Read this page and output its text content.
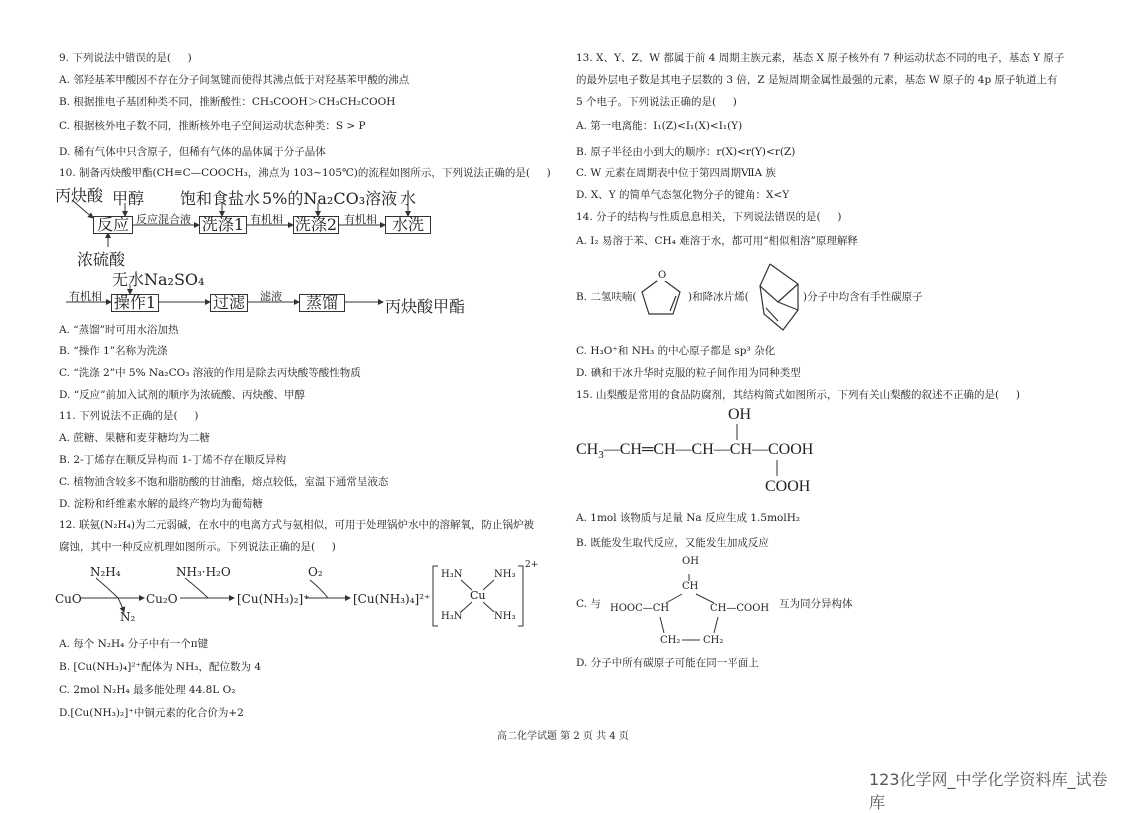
9. 下列说法中错误的是(     )
A. 邻羟基苯甲酸因不存在分子间氢键而使得其沸点低于对羟基苯甲酸的沸点
B. 根据推电子基团种类不同，推断酸性：CH₃COOH＞CH₃CH₂COOH
C. 根据核外电子数不同，推断核外电子空间运动状态种类：S > P
D. 稀有气体中只含原子，但稀有气体的晶体属于分子晶体
10. 制备丙炔酸甲酯(CH≡C—COOCH₃，沸点为 103~105℃)的流程如图所示，下列说法正确的是(     )
丙炔酸 甲醇 饱和食盐水 5%的Na₂CO₃溶液 水
浓硫酸
无水Na₂SO₄
反应	洗涤1	洗涤2	水洗
反应混合液	有机相	有机相
有机相 操作1	过滤 滤液	蒸馏	丙炔酸甲酯
A. “蒸馏”时可用水浴加热
B. “操作 1”名称为洗涤
C. “洗涤 2”中 5% Na₂CO₃ 溶液的作用是除去丙炔酸等酸性物质
D. “反应”前加入试剂的顺序为浓硫酸、丙炔酸、甲醇
11. 下列说法不正确的是(     )
A. 蔗糖、果糖和麦芽糖均为二糖
B. 2-丁烯存在顺反异构而 1-丁烯不存在顺反异构
C. 植物油含较多不饱和脂肪酸的甘油酯，熔点较低，室温下通常呈液态
D. 淀粉和纤维素水解的最终产物均为葡萄糖
12. 联氨(N₂H₄)为二元弱碱，在水中的电离方式与氨相似，可用于处理锅炉水中的溶解氧，防止锅炉被
腐蚀，其中一种反应机理如图所示。下列说法正确的是(     )
CuO
N₂H₄
N₂
Cu₂O
NH₃·H₂O
[Cu(NH₃)₂]⁺
O₂
[Cu(NH₃)₄]²⁺
H₃N	NH₃
H₃N	NH₃
Cu
2+
A. 每个 N₂H₄ 分子中有一个π键
B. [Cu(NH₃)₄]²⁺配体为 NH₃，配位数为 4
C. 2mol N₂H₄ 最多能处理 44.8L O₂
D.[Cu(NH₃)₂]⁺中铜元素的化合价为+2
13. X、Y、Z、W 都属于前 4 周期主族元素，基态 X 原子核外有 7 种运动状态不同的电子，基态 Y 原子
的最外层电子数是其电子层数的 3 倍，Z 是短周期金属性最强的元素，基态 W 原子的 4p 原子轨道上有
5 个电子。下列说法正确的是(     )
A. 第一电离能：I₁(Z)<I₁(X)<I₁(Y)
B. 原子半径由小到大的顺序：r(X)<r(Y)<r(Z)
C. W 元素在周期表中位于第四周期ⅦA 族
D. X、Y 的简单气态氢化物分子的键角：X<Y
14. 分子的结构与性质息息相关，下列说法错误的是(     )
A. I₂ 易溶于苯、CH₄ 难溶于水，都可用“相似相溶”原理解释
B. 二氢呋喃(
O
)和降冰片烯(	)分子中均含有手性碳原子
C. H₃O⁺和 NH₃ 的中心原子都是 sp³ 杂化
D. 碘和干冰升华时克服的粒子间作用为同种类型
15. 山梨酸是常用的食品防腐剂，其结构简式如图所示，下列有关山梨酸的叙述不正确的是(     )
OH
$CH_3—CH═CH—CH—CH—COOH$
COOH
A. 1mol 该物质与足量 Na 反应生成 1.5molH₂
B. 既能发生取代反应，又能发生加成反应
C. 与
OH
CH
HOOC—CH	CH—COOH
CH₂ CH₂
互为同分异构体
D. 分子中所有碳原子可能在同一平面上
高二化学试题 第 2 页 共 4 页
123化学网_中学化学资料库_试卷库
